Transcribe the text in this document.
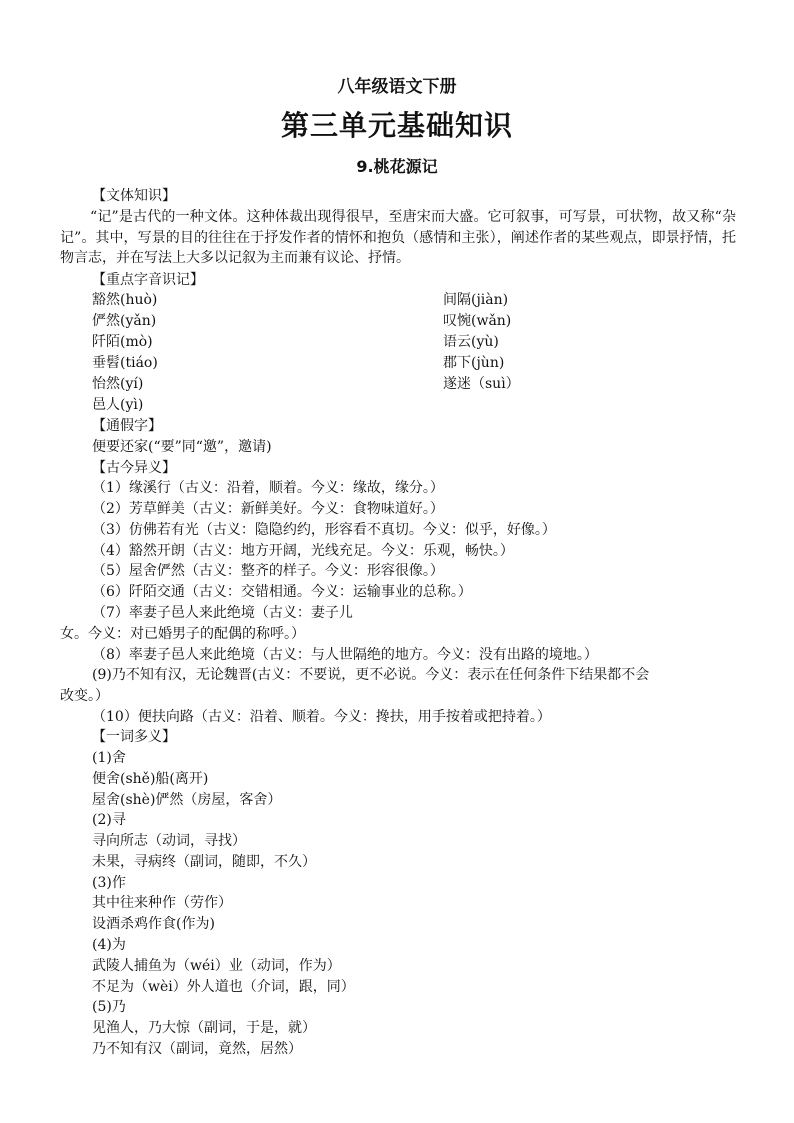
八年级语文下册
第三单元基础知识
9.桃花源记
【文体知识】
“记”是古代的一种文体。这种体裁出现得很早，至唐宋而大盛。它可叙事，可写景，可状物，故又称“杂记”。其中，写景的目的往往在于抒发作者的情怀和抱负（感情和主张），阐述作者的某些观点，即景抒情，托物言志，并在写法上大多以记叙为主而兼有议论、抒情。
【重点字音识记】
豁然(huò)
俨然(yǎn)
阡陌(mò)
垂髫(tiáo)
怡然(yí)
邑人(yì)
间隔(jiàn)
叹惋(wǎn)
语云(yù)
郡下(jùn)
遂迷（suì）
【通假字】
便要还家(“要”同“邀”，邀请)
【古今异义】
（1）缘溪行（古义：沿着，顺着。今义：缘故，缘分。）
（2）芳草鲜美（古义：新鲜美好。今义：食物味道好。）
（3）仿佛若有光（古义：隐隐约约，形容看不真切。今义：似乎，好像。）
（4）豁然开朗（古义：地方开阔，光线充足。今义：乐观，畅快。）
（5）屋舍俨然（古义：整齐的样子。今义：形容很像。）
（6）阡陌交通（古义：交错相通。今义：运输事业的总称。）
（7）率妻子邑人来此绝境（古义：妻子儿
女。今义：对已婚男子的配偶的称呼。）
（8）率妻子邑人来此绝境（古义：与人世隔绝的地方。今义：没有出路的境地。）
(9)乃不知有汉，无论魏晋(古义：不要说，更不必说。今义：表示在任何条件下结果都不会
改变。）
（10）便扶向路（古义：沿着、顺着。今义：搀扶，用手按着或把持着。）
【一词多义】
(1)舍
便舍(shě)船(离开)
屋舍(shè)俨然（房屋，客舍）
(2)寻
寻向所志（动词，寻找）
未果，寻病终（副词，随即，不久）
(3)作
其中往来种作（劳作）
设酒杀鸡作食(作为)
(4)为
武陵人捕鱼为（wéi）业（动词，作为）
不足为（wèi）外人道也（介词，跟，同）
(5)乃
见渔人，乃大惊（副词，于是，就）
乃不知有汉（副词，竟然，居然）
